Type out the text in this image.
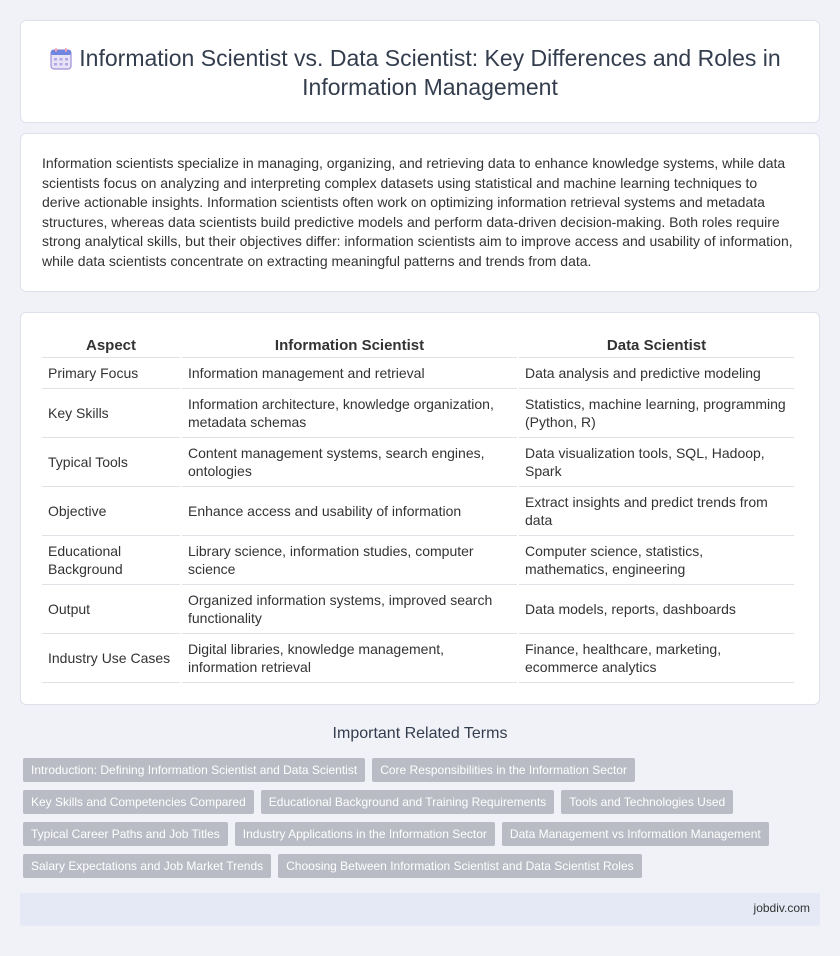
Information Scientist vs. Data Scientist: Key Differences and Roles in Information Management

Information scientists specialize in managing, organizing, and retrieving data to enhance knowledge systems, while data scientists focus on analyzing and interpreting complex datasets using statistical and machine learning techniques to derive actionable insights. Information scientists often work on optimizing information retrieval systems and metadata structures, whereas data scientists build predictive models and perform data-driven decision-making. Both roles require strong analytical skills, but their objectives differ: information scientists aim to improve access and usability of information, while data scientists concentrate on extracting meaningful patterns and trends from data.

Aspect	Information Scientist	Data Scientist
Primary Focus	Information management and retrieval	Data analysis and predictive modeling
Key Skills	Information architecture, knowledge organization, metadata schemas	Statistics, machine learning, programming (Python, R)
Typical Tools	Content management systems, search engines, ontologies	Data visualization tools, SQL, Hadoop, Spark
Objective	Enhance access and usability of information	Extract insights and predict trends from data
Educational Background	Library science, information studies, computer science	Computer science, statistics, mathematics, engineering
Output	Organized information systems, improved search functionality	Data models, reports, dashboards
Industry Use Cases	Digital libraries, knowledge management, information retrieval	Finance, healthcare, marketing, ecommerce analytics
Important Related Terms
Introduction: Defining Information Scientist and Data Scientist	Core Responsibilities in the Information Sector
Key Skills and Competencies Compared	Educational Background and Training Requirements	Tools and Technologies Used
Typical Career Paths and Job Titles	Industry Applications in the Information Sector	Data Management vs Information Management
Salary Expectations and Job Market Trends	Choosing Between Information Scientist and Data Scientist Roles
jobdiv.com
